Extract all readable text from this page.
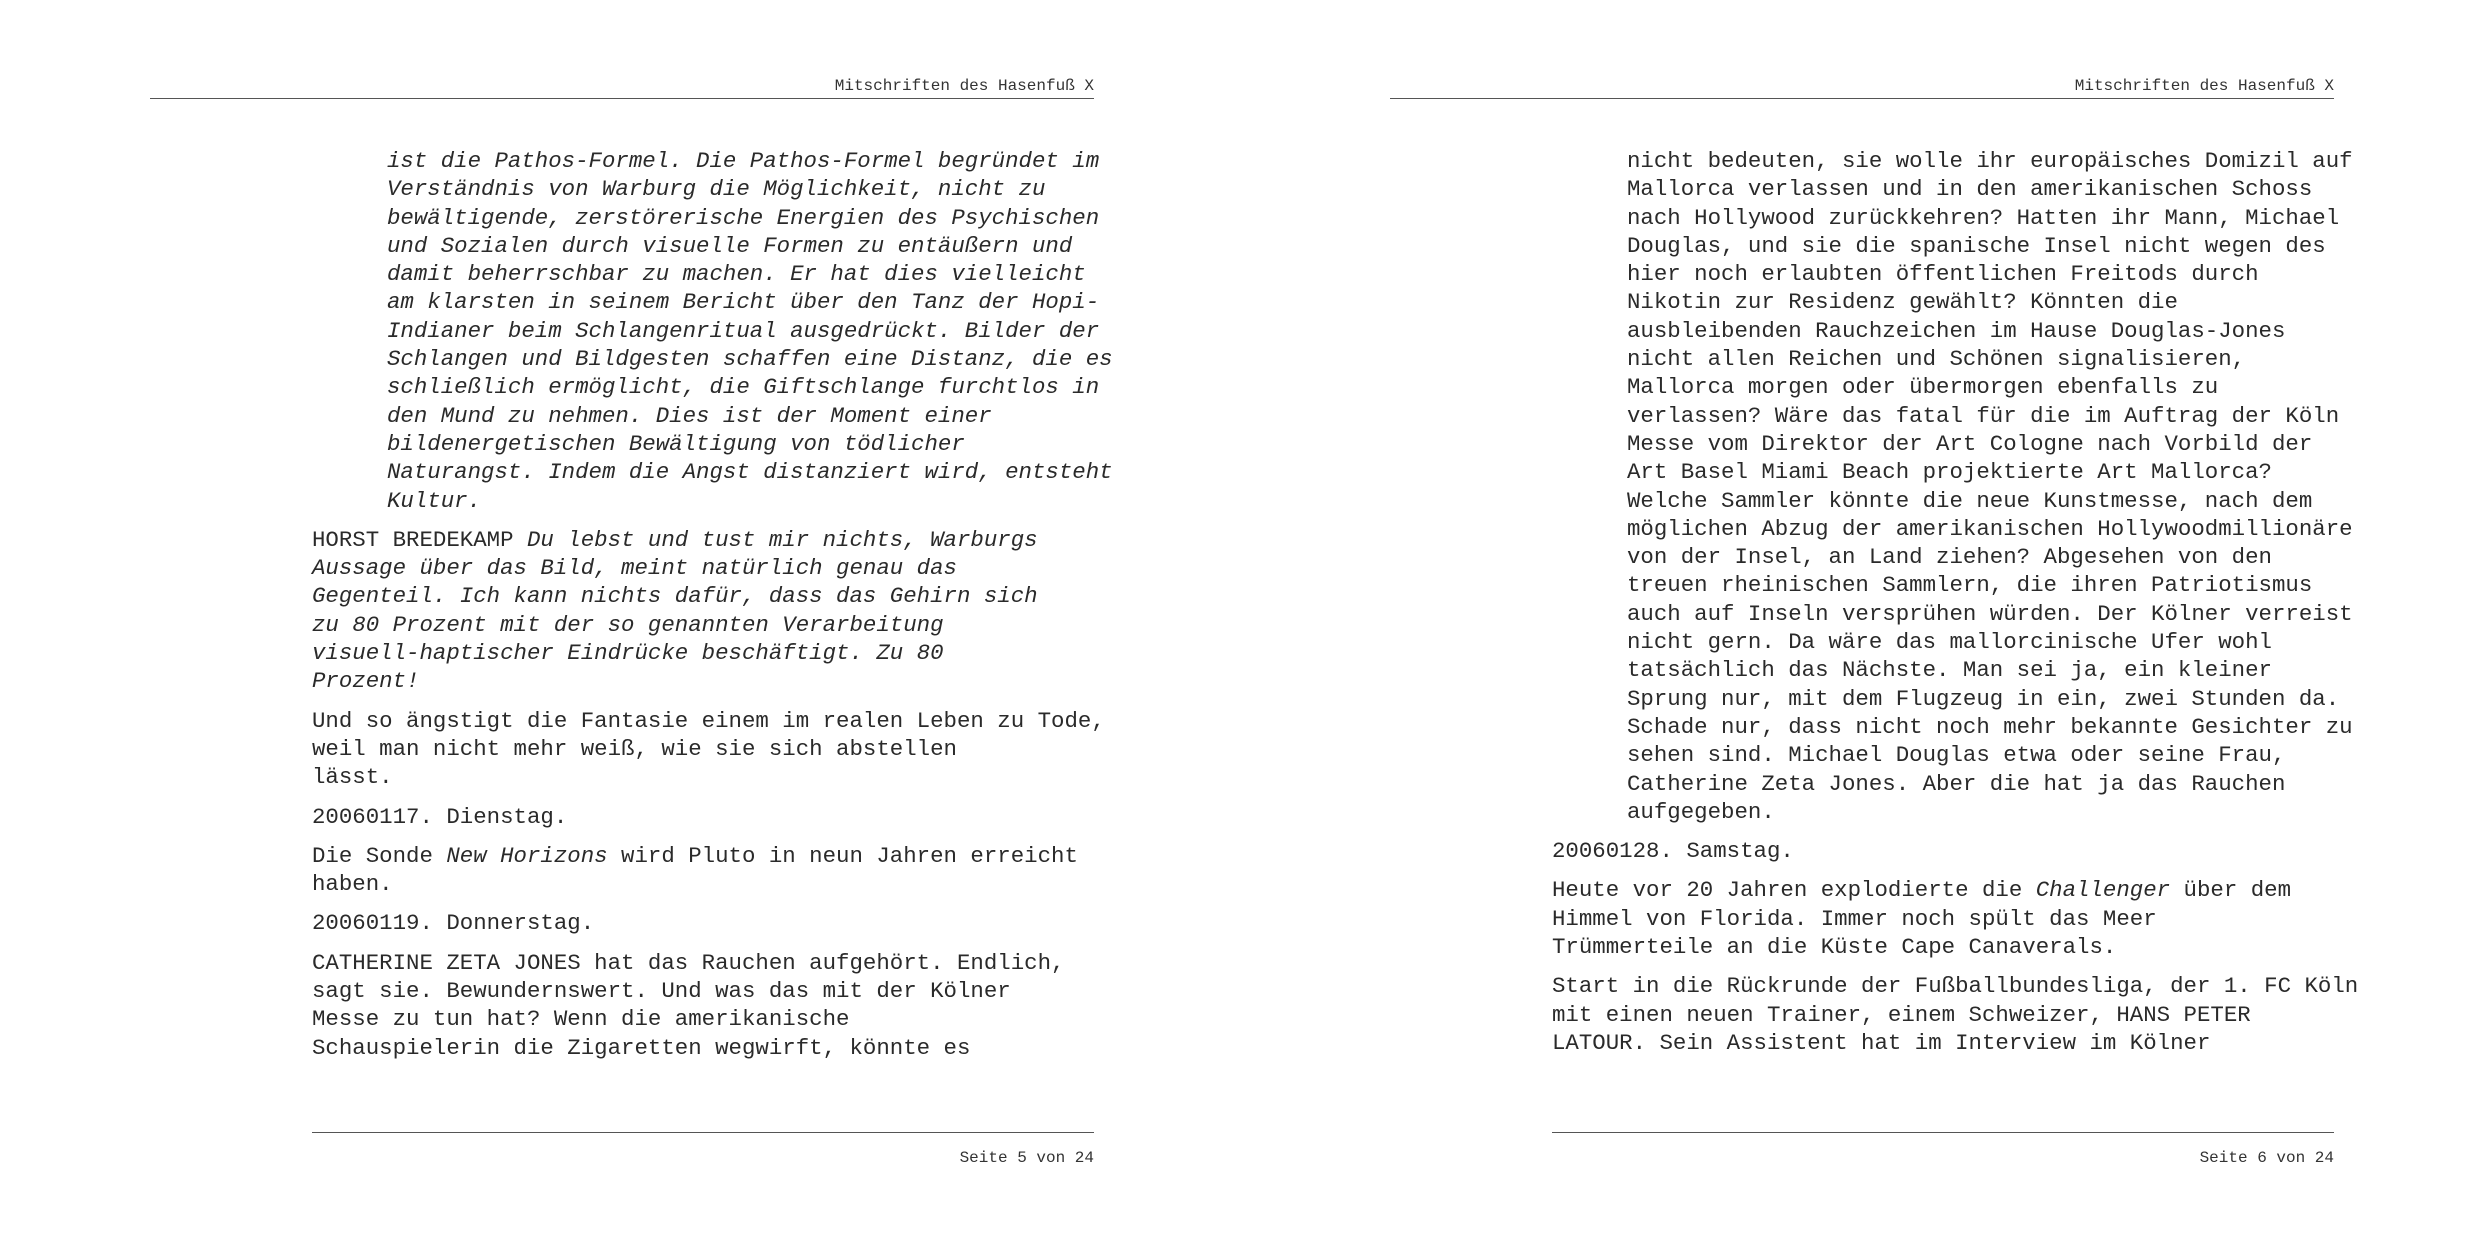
Mitschriften des Hasenfuß X

ist die Pathos-Formel. Die Pathos-Formel begründet im
Verständnis von Warburg die Möglichkeit, nicht zu
bewältigende, zerstörerische Energien des Psychischen
und Sozialen durch visuelle Formen zu entäußern und
damit beherrschbar zu machen. Er hat dies vielleicht
am klarsten in seinem Bericht über den Tanz der Hopi-
Indianer beim Schlangenritual ausgedrückt. Bilder der
Schlangen und Bildgesten schaffen eine Distanz, die es
schließlich ermöglicht, die Giftschlange furchtlos in
den Mund zu nehmen. Dies ist der Moment einer
bildenergetischen Bewältigung von tödlicher
Naturangst. Indem die Angst distanziert wird, entsteht
Kultur.

HORST BREDEKAMP Du lebst und tust mir nichts, Warburgs
Aussage über das Bild, meint natürlich genau das
Gegenteil. Ich kann nichts dafür, dass das Gehirn sich
zu 80 Prozent mit der so genannten Verarbeitung
visuell-haptischer Eindrücke beschäftigt. Zu 80
Prozent!

Und so ängstigt die Fantasie einem im realen Leben zu Tode,
weil man nicht mehr weiß, wie sie sich abstellen
lässt.

20060117. Dienstag.

Die Sonde New Horizons wird Pluto in neun Jahren erreicht
haben.

20060119. Donnerstag.

CATHERINE ZETA JONES hat das Rauchen aufgehört. Endlich,
sagt sie. Bewundernswert. Und was das mit der Kölner
Messe zu tun hat? Wenn die amerikanische
Schauspielerin die Zigaretten wegwirft, könnte es

Seite 5 von 24
Mitschriften des Hasenfuß X

nicht bedeuten, sie wolle ihr europäisches Domizil auf
Mallorca verlassen und in den amerikanischen Schoss
nach Hollywood zurückkehren? Hatten ihr Mann, Michael
Douglas, und sie die spanische Insel nicht wegen des
hier noch erlaubten öffentlichen Freitods durch
Nikotin zur Residenz gewählt? Könnten die
ausbleibenden Rauchzeichen im Hause Douglas-Jones
nicht allen Reichen und Schönen signalisieren,
Mallorca morgen oder übermorgen ebenfalls zu
verlassen? Wäre das fatal für die im Auftrag der Köln
Messe vom Direktor der Art Cologne nach Vorbild der
Art Basel Miami Beach projektierte Art Mallorca?
Welche Sammler könnte die neue Kunstmesse, nach dem
möglichen Abzug der amerikanischen Hollywoodmillionäre
von der Insel, an Land ziehen? Abgesehen von den
treuen rheinischen Sammlern, die ihren Patriotismus
auch auf Inseln versprühen würden. Der Kölner verreist
nicht gern. Da wäre das mallorcinische Ufer wohl
tatsächlich das Nächste. Man sei ja, ein kleiner
Sprung nur, mit dem Flugzeug in ein, zwei Stunden da.
Schade nur, dass nicht noch mehr bekannte Gesichter zu
sehen sind. Michael Douglas etwa oder seine Frau,
Catherine Zeta Jones. Aber die hat ja das Rauchen
aufgegeben.

20060128. Samstag.

Heute vor 20 Jahren explodierte die Challenger über dem
Himmel von Florida. Immer noch spült das Meer
Trümmerteile an die Küste Cape Canaverals.

Start in die Rückrunde der Fußballbundesliga, der 1. FC Köln
mit einen neuen Trainer, einem Schweizer, HANS PETER
LATOUR. Sein Assistent hat im Interview im Kölner

Seite 6 von 24
